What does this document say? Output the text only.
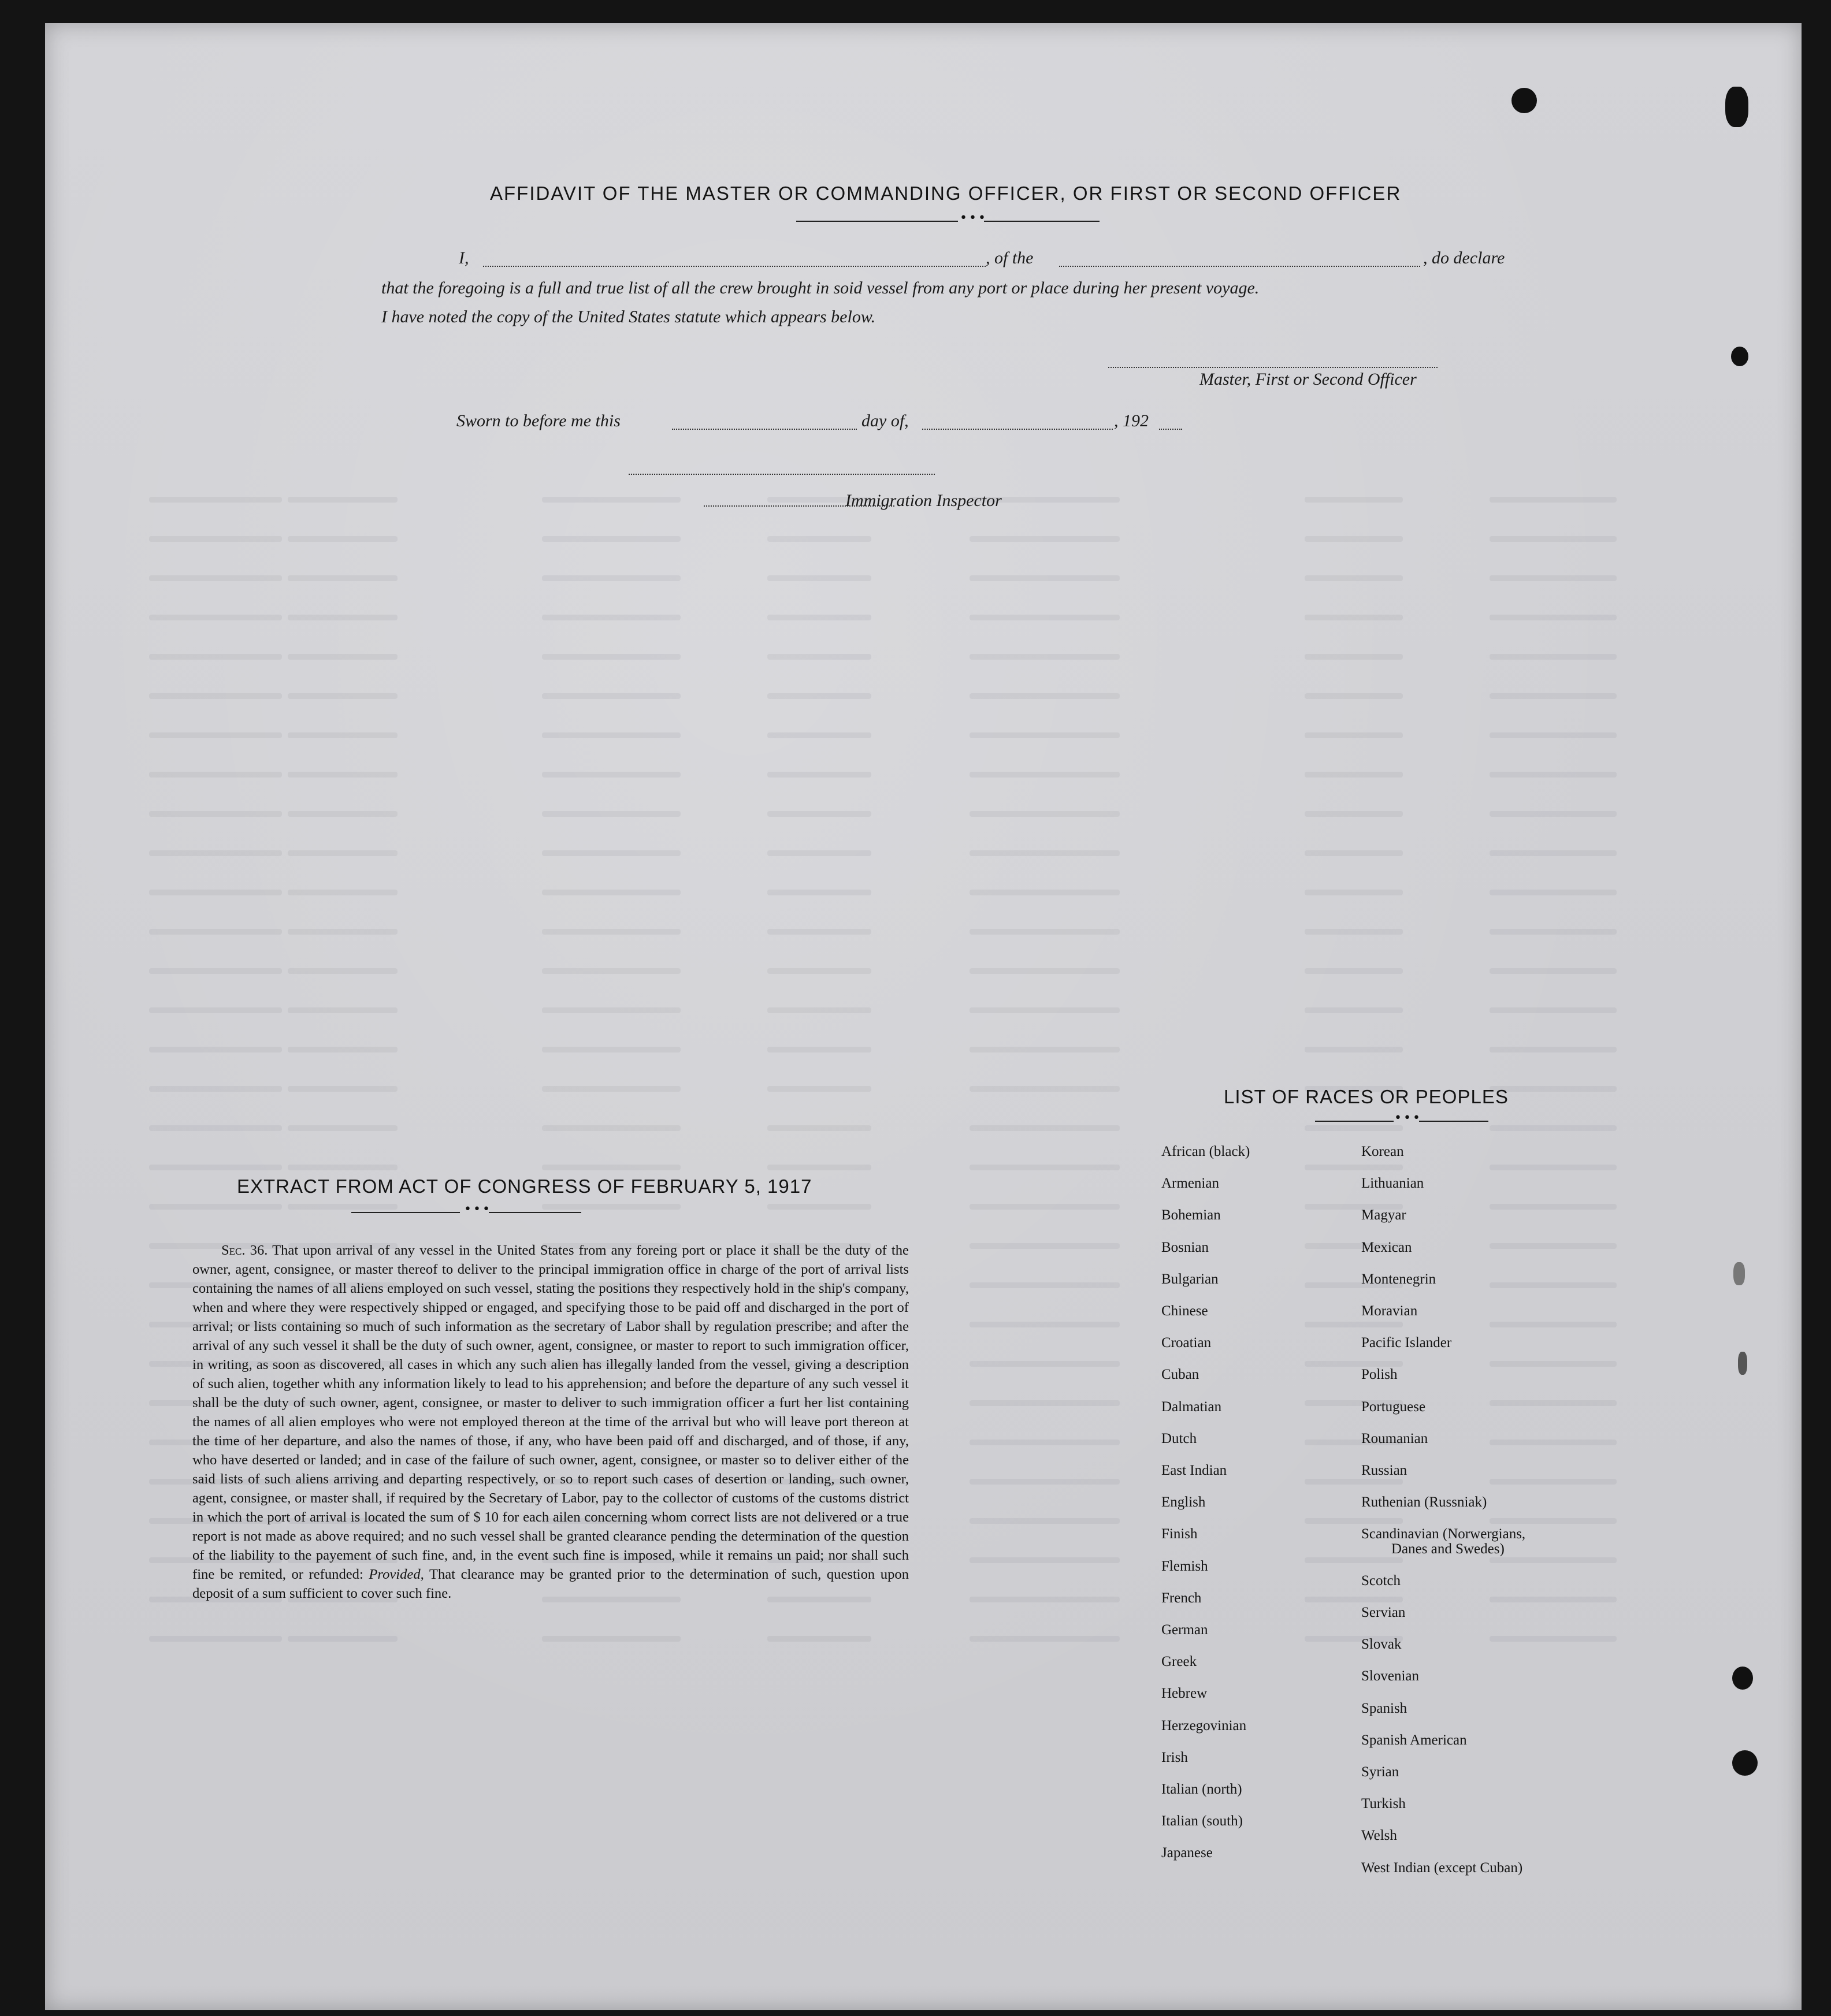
AFFIDAVIT OF THE MASTER OR COMMANDING OFFICER, OR FIRST OR SECOND OFFICER
•••
I,	, of the	, do declare
that the foregoing is a full and true list of all the crew brought in soid vessel from any port or place during her present voyage.
I have noted the copy of the United States statute which appears below.
Master, First or Second Officer
Sworn to before me this	day of,	, 192
Immigration Inspector
EXTRACT FROM ACT OF CONGRESS OF FEBRUARY 5, 1917
•••
Sec. 36. That upon arrival of any vessel in the United States from any foreing port or place it shall be the duty of the owner, agent, consignee, or master thereof to deliver to the principal immigration office in charge of the port of arrival lists containing the names of all aliens employed on such vessel, stating the positions they respectively hold in the ship's company, when and where they were respectively shipped or engaged, and specifying those to be paid off and discharged in the port of arrival; or lists containing so much of such information as the secretary of Labor shall by regulation prescribe; and after the arrival of any such vessel it shall be the duty of such owner, agent, consignee, or master to report to such immigration officer, in writing, as soon as discovered, all cases in which any such alien has illegally landed from the vessel, giving a description of such alien, together whith any information likely to lead to his apprehension; and before the departure of any such vessel it shall be the duty of such owner, agent, consignee, or master to deliver to such immigration officer a furt her list containing the names of all alien employes who were not employed thereon at the time of the arrival but who will leave port thereon at the time of her departure, and also the names of those, if any, who have been paid off and discharged, and of those, if any, who have deserted or landed; and in case of the failure of such owner, agent, consignee, or master so to deliver either of the said lists of such aliens arriving and departing respectively, or so to report such cases of desertion or landing, such owner, agent, consignee, or master shall, if required by the Secretary of Labor, pay to the collector of customs of the customs district in which the port of arrival is located the sum of $ 10 for each ailen concerning whom correct lists are not delivered or a true report is not made as above required; and no such vessel shall be granted clearance pending the determination of the question of the liability to the payement of such fine, and, in the event such fine is imposed, while it remains un paid; nor shall such fine be remited, or refunded: Provided, That clearance may be granted prior to the determination of such, question upon deposit of a sum sufficient to cover such fine.
LIST OF RACES OR PEOPLES
•••
African (black)
Armenian
Bohemian
Bosnian
Bulgarian
Chinese
Croatian
Cuban
Dalmatian
Dutch
East Indian
English
Finish
Flemish
French
German
Greek
Hebrew
Herzegovinian
Irish
Italian (north)
Italian (south)
Japanese
Korean
Lithuanian
Magyar
Mexican
Montenegrin
Moravian
Pacific Islander
Polish
Portuguese
Roumanian
Russian
Ruthenian (Russniak)
Scandinavian (Norwergians,
Danes and Swedes)
Scotch
Servian
Slovak
Slovenian
Spanish
Spanish American
Syrian
Turkish
Welsh
West Indian (except Cuban)
